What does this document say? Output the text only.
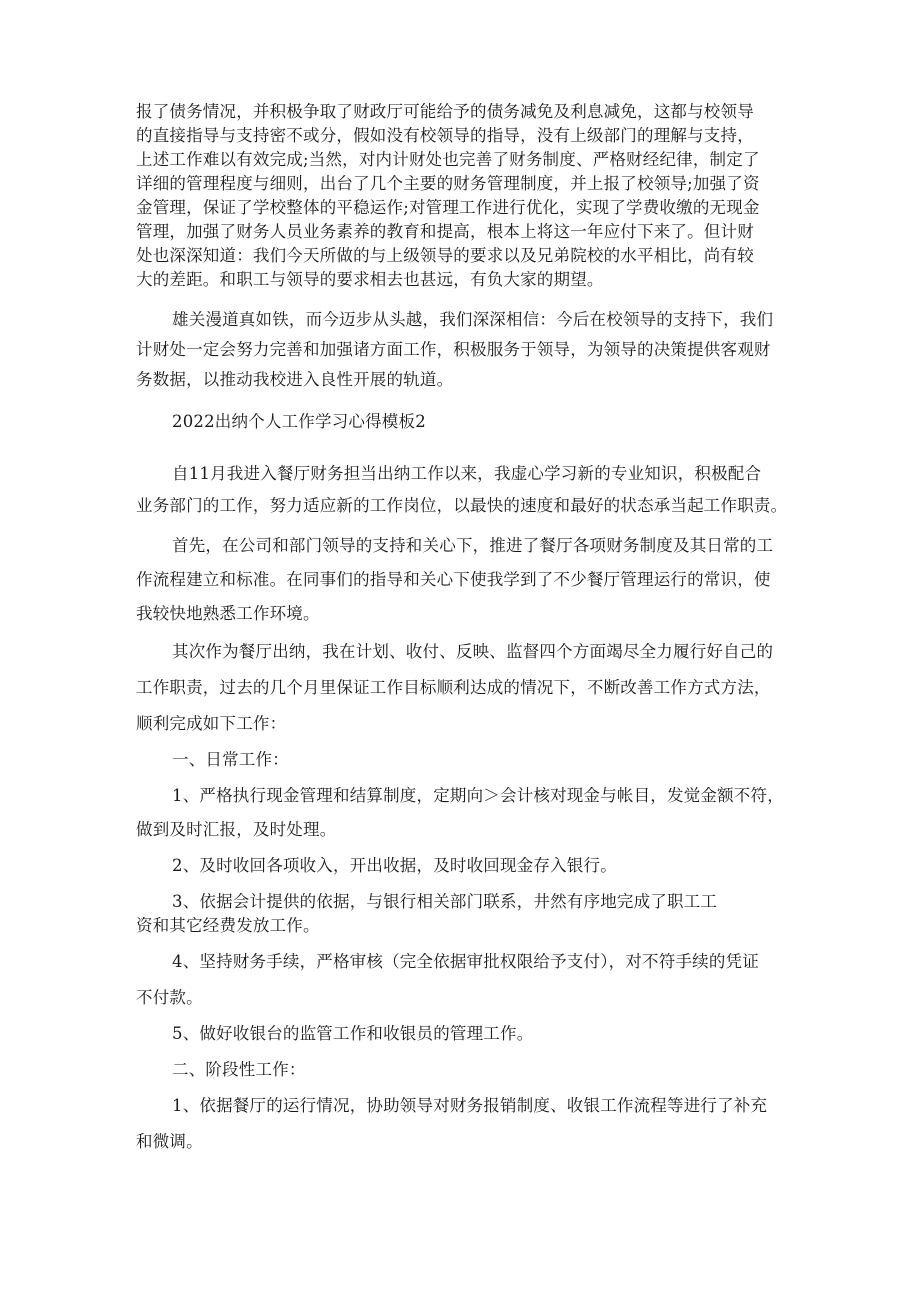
报了债务情况，并积极争取了财政厅可能给予的债务减免及利息减免，这都与校领导
的直接指导与支持密不或分，假如没有校领导的指导，没有上级部门的理解与支持，
上述工作难以有效完成;当然，对内计财处也完善了财务制度、严格财经纪律，制定了
详细的管理程度与细则，出台了几个主要的财务管理制度，并上报了校领导;加强了资
金管理，保证了学校整体的平稳运作;对管理工作进行优化，实现了学费收缴的无现金
管理，加强了财务人员业务素养的教育和提高，根本上将这一年应付下来了。但计财
处也深深知道：我们今天所做的与上级领导的要求以及兄弟院校的水平相比，尚有较
大的差距。和职工与领导的要求相去也甚远，有负大家的期望。
雄关漫道真如铁，而今迈步从头越，我们深深相信：今后在校领导的支持下，我们
计财处一定会努力完善和加强诸方面工作，积极服务于领导，为领导的决策提供客观财
务数据，以推动我校进入良性开展的轨道。
2022出纳个人工作学习心得模板2
自11月我进入餐厅财务担当出纳工作以来，我虚心学习新的专业知识，积极配合
业务部门的工作，努力适应新的工作岗位，以最快的速度和最好的状态承当起工作职责。
首先，在公司和部门领导的支持和关心下，推进了餐厅各项财务制度及其日常的工
作流程建立和标准。在同事们的指导和关心下使我学到了不少餐厅管理运行的常识，使
我较快地熟悉工作环境。
其次作为餐厅出纳，我在计划、收付、反映、监督四个方面竭尽全力履行好自己的
工作职责，过去的几个月里保证工作目标顺利达成的情况下，不断改善工作方式方法，
顺利完成如下工作：
一、日常工作：
1、严格执行现金管理和结算制度，定期向＞会计核对现金与帐目，发觉金额不符，
做到及时汇报，及时处理。
2、及时收回各项收入，开出收据，及时收回现金存入银行。
3、依据会计提供的依据，与银行相关部门联系，井然有序地完成了职工工
资和其它经费发放工作。
4、坚持财务手续，严格审核（完全依据审批权限给予支付），对不符手续的凭证
不付款。
5、做好收银台的监管工作和收银员的管理工作。
二、阶段性工作：
1、依据餐厅的运行情况，协助领导对财务报销制度、收银工作流程等进行了补充
和微调。
